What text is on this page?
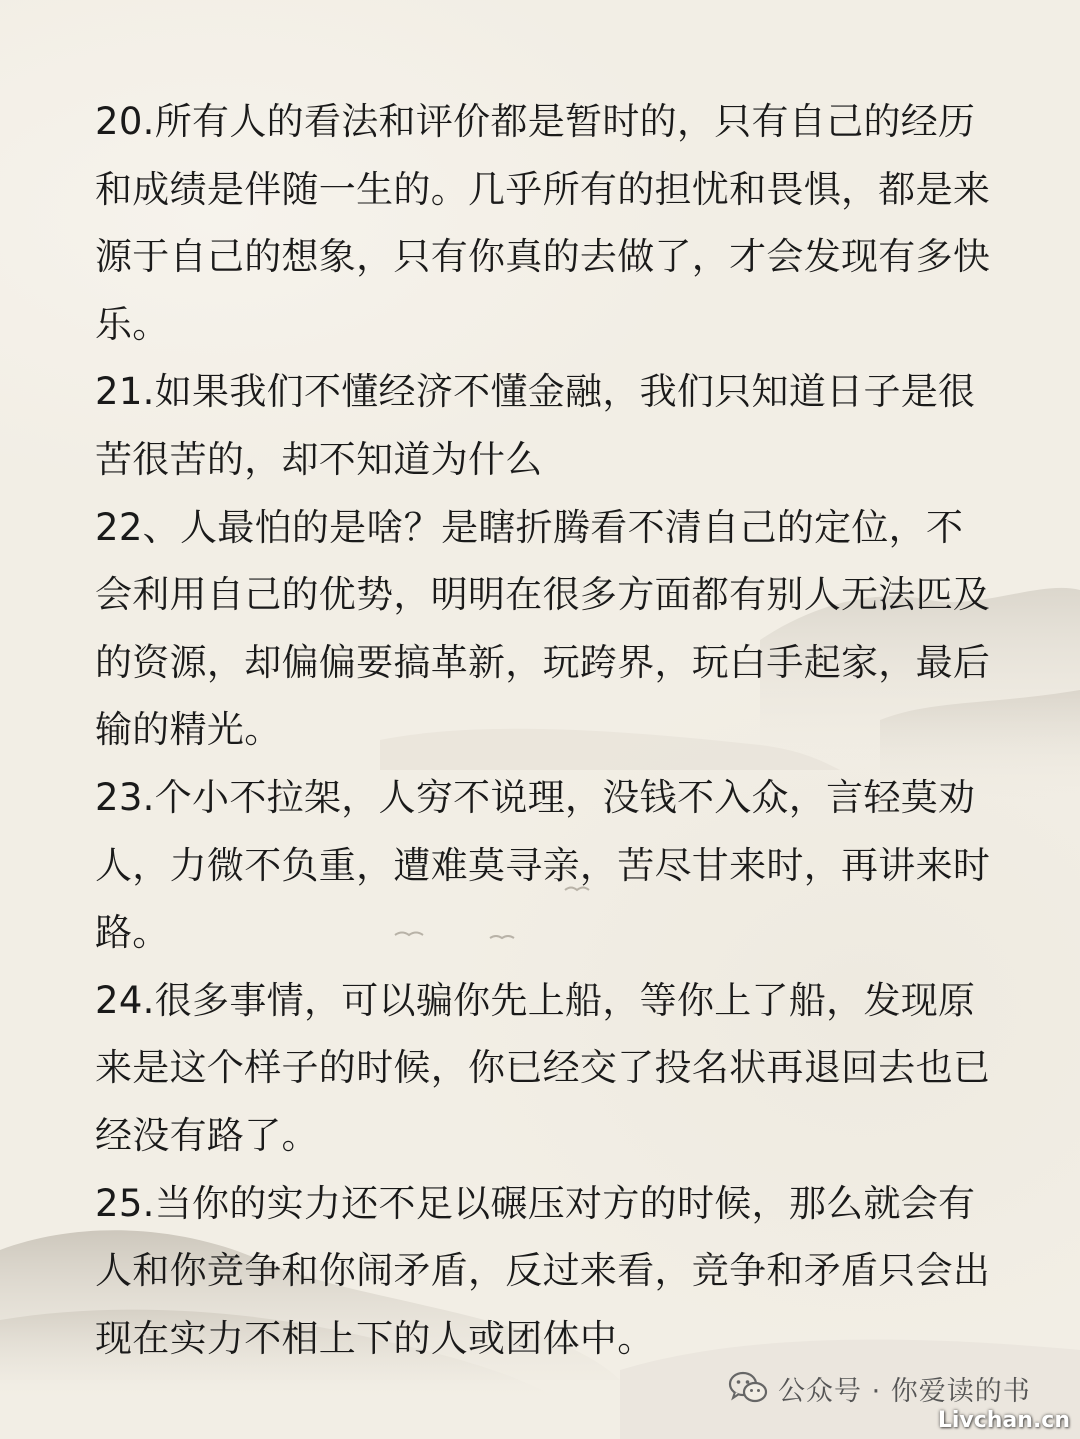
20.所有人的看法和评价都是暂时的，只有自己的经历和成绩是伴随一生的。几乎所有的担忧和畏惧，都是来源于自己的想象，只有你真的去做了，才会发现有多快乐。

21.如果我们不懂经济不懂金融，我们只知道日子是很苦很苦的，却不知道为什么

22、人最怕的是啥？是瞎折腾看不清自己的定位，不会利用自己的优势，明明在很多方面都有别人无法匹及的资源，却偏偏要搞革新，玩跨界，玩白手起家，最后输的精光。

23.个小不拉架，人穷不说理，没钱不入众，言轻莫劝人，力微不负重，遭难莫寻亲，苦尽甘来时，再讲来时路。

24.很多事情，可以骗你先上船，等你上了船，发现原来是这个样子的时候，你已经交了投名状再退回去也已经没有路了。

25.当你的实力还不足以碾压对方的时候，那么就会有人和你竞争和你闹矛盾，反过来看，竞争和矛盾只会出现在实力不相上下的人或团体中。

公众号 · 你爱读的书
Livchan.cn
